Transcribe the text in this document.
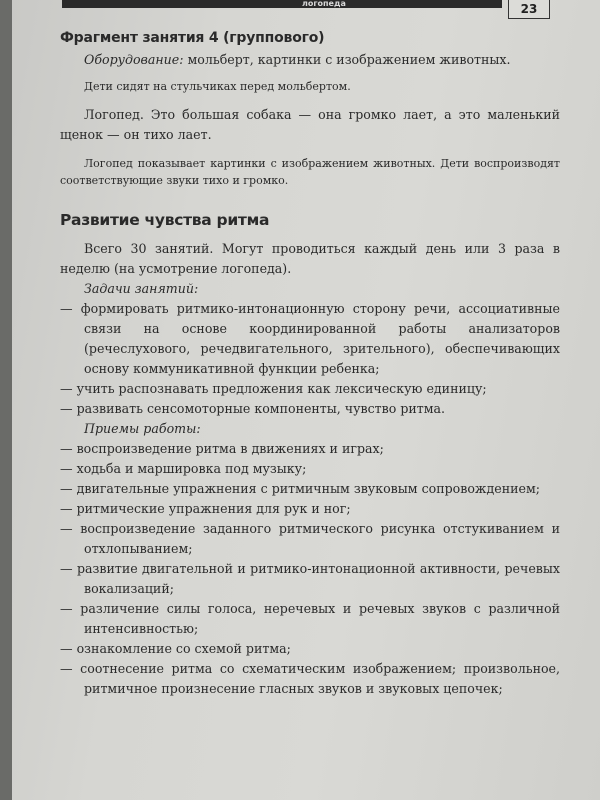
логопеда	23
Фрагмент занятия 4 (группового)

Оборудование: мольберт, картинки с изображением животных.

Дети сидят на стульчиках перед мольбертом.

Логопед. Это большая собака — она громко лает, а это маленький щенок — он тихо лает.

Логопед показывает картинки с изображением животных. Дети воспроизводят соответствующие звуки тихо и громко.

Развитие чувства ритма

Всего 30 занятий. Могут проводиться каждый день или 3 раза в неделю (на усмотрение логопеда).

Задачи занятий:

— формировать ритмико-интонационную сторону речи, ассоциативные связи на основе координированной работы анализаторов (речеслухового, речедвигательного, зрительного), обеспечивающих основу коммуникативной функции ребенка;

— учить распознавать предложения как лексическую единицу;

— развивать сенсомоторные компоненты, чувство ритма.

Приемы работы:

— воспроизведение ритма в движениях и играх;

— ходьба и маршировка под музыку;

— двигательные упражнения с ритмичным звуковым сопровождением;

— ритмические упражнения для рук и ног;

— воспроизведение заданного ритмического рисунка отстукиванием и отхлопыванием;

— развитие двигательной и ритмико-интонационной активности, речевых вокализаций;

— различение силы голоса, неречевых и речевых звуков с различной интенсивностью;

— ознакомление со схемой ритма;

— соотнесение ритма со схематическим изображением; произвольное, ритмичное произнесение гласных звуков и звуковых цепочек;
